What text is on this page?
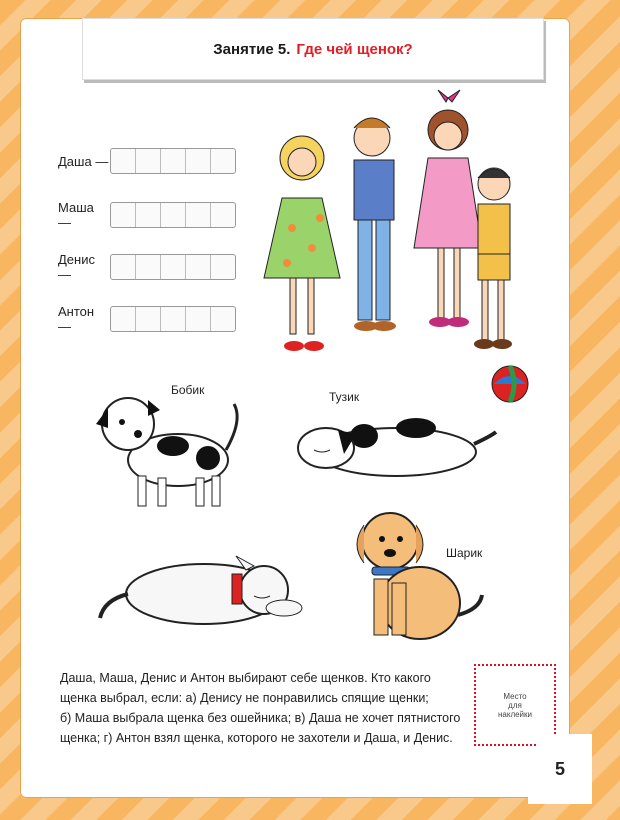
Занятие 5. Где чей щенок?
Даша —
Маша —
Денис —
Антон —
Бобик	Тузик
Шарик
Даша, Маша, Денис и Антон выбирают себе щенков. Кто какого
щенка выбрал, если: а) Денису не понравились спящие щенки;
б) Маша выбрала щенка без ошейника; в) Даша не хочет пятнистого
щенка; г) Антон взял щенка, которого не захотели и Даша, и Денис.
Место
для
наклейки
5
